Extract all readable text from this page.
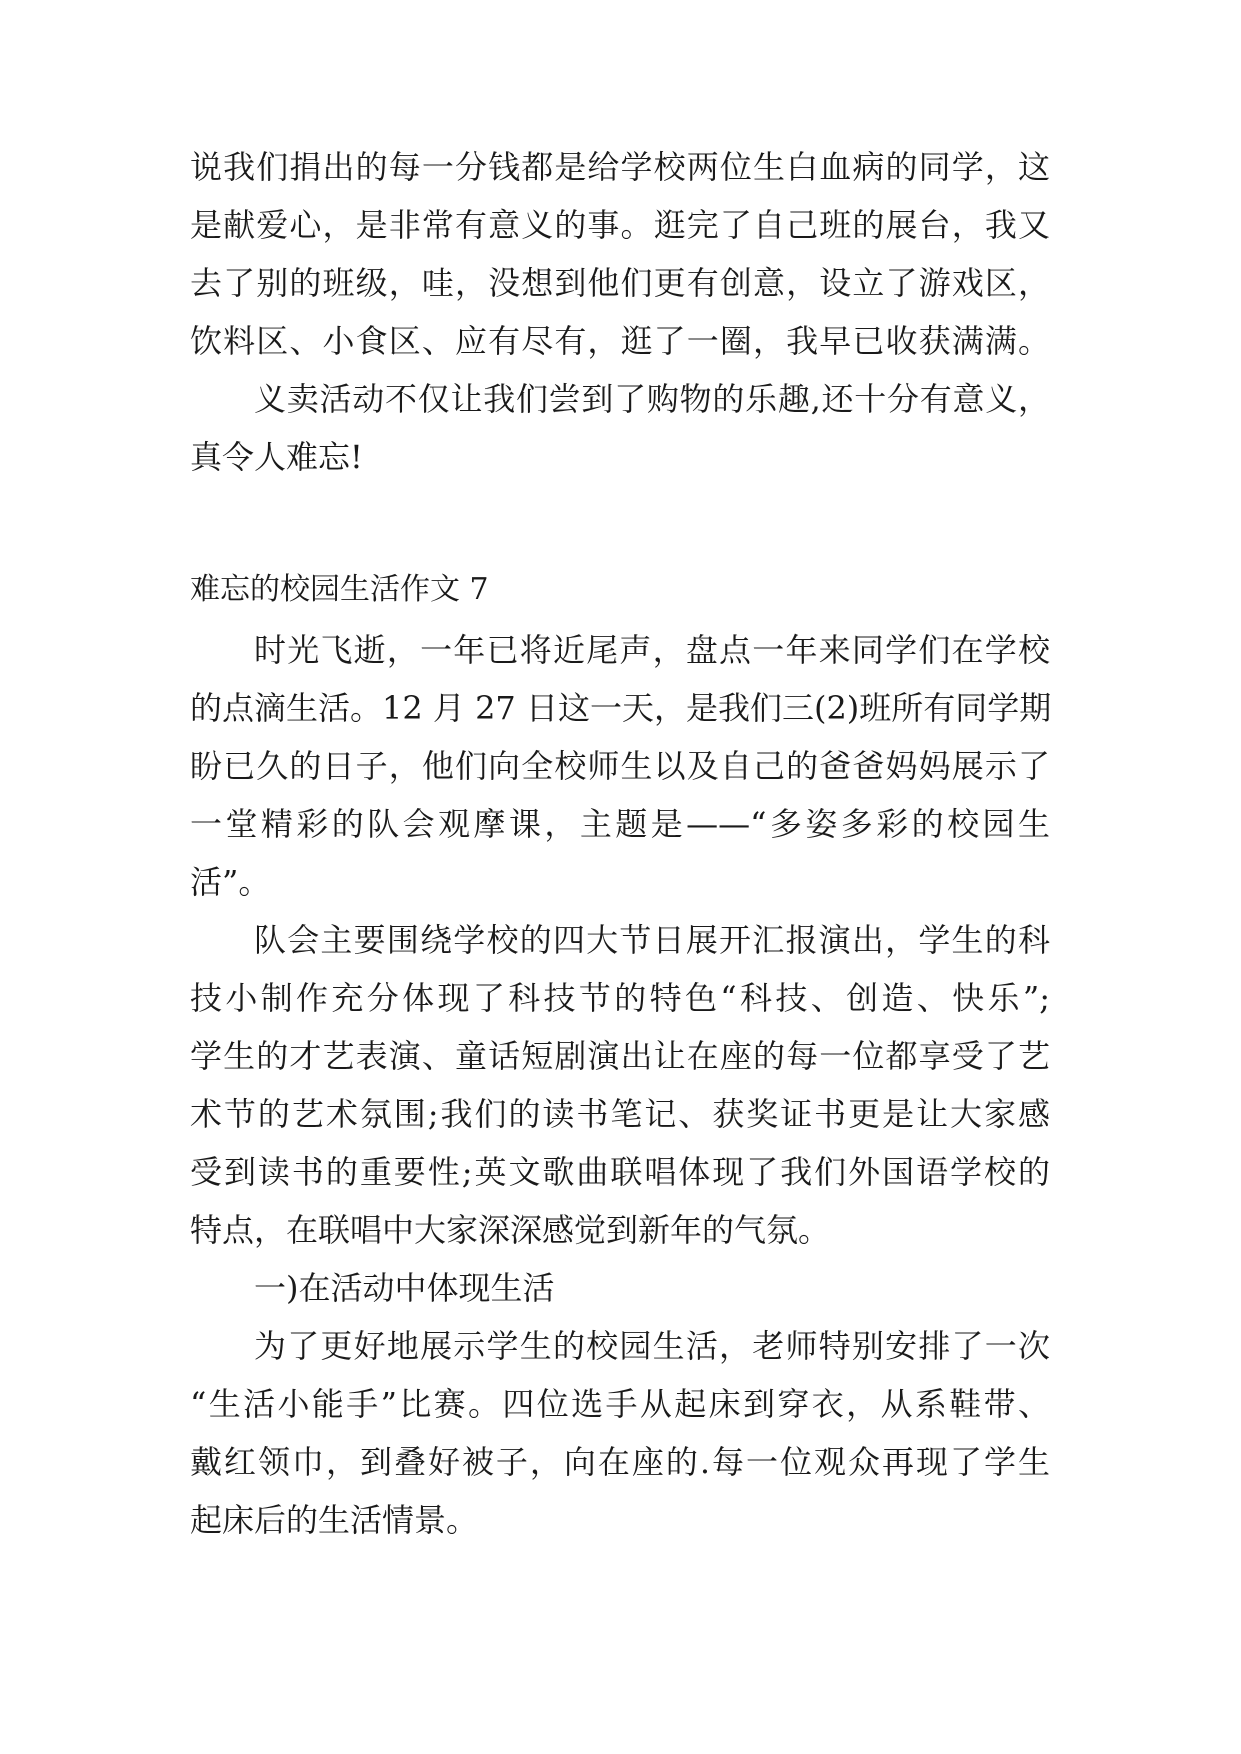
说我们捐出的每一分钱都是给学校两位生白血病的同学，这
是献爱心，是非常有意义的事。逛完了自己班的展台，我又
去了别的班级，哇，没想到他们更有创意，设立了游戏区，
饮料区、小食区、应有尽有，逛了一圈，我早已收获满满。
义卖活动不仅让我们尝到了购物的乐趣,还十分有意义，
真令人难忘!
难忘的校园生活作文 7
时光飞逝，一年已将近尾声，盘点一年来同学们在学校
的点滴生活。12 月 27 日这一天，是我们三(2)班所有同学期
盼已久的日子，他们向全校师生以及自己的爸爸妈妈展示了
一堂精彩的队会观摩课，主题是——“多姿多彩的校园生
活”。
队会主要围绕学校的四大节日展开汇报演出，学生的科
技小制作充分体现了科技节的特色“科技、创造、快乐”;
学生的才艺表演、童话短剧演出让在座的每一位都享受了艺
术节的艺术氛围;我们的读书笔记、获奖证书更是让大家感
受到读书的重要性;英文歌曲联唱体现了我们外国语学校的
特点，在联唱中大家深深感觉到新年的气氛。
一)在活动中体现生活
为了更好地展示学生的校园生活，老师特别安排了一次
“生活小能手”比赛。四位选手从起床到穿衣，从系鞋带、
戴红领巾，到叠好被子，向在座的.每一位观众再现了学生
起床后的生活情景。
